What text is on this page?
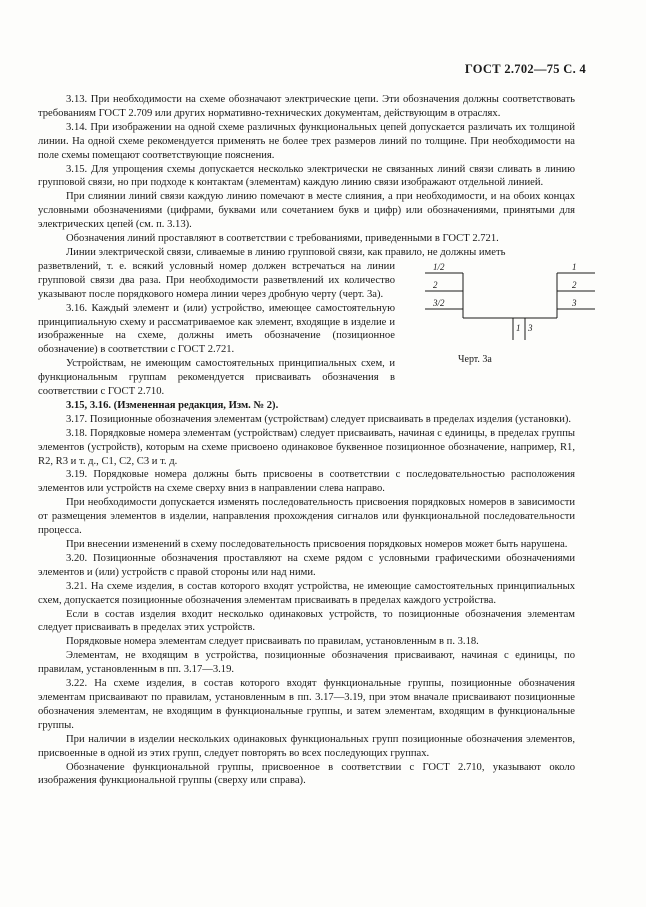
ГОСТ 2.702—75 С. 4

3.13. При необходимости на схеме обозначают электрические цепи. Эти обозначения должны соответствовать требованиям ГОСТ 2.709 или других нормативно-технических документам, действующим в отраслях.

3.14. При изображении на одной схеме различных функциональных цепей допускается различать их толщиной линии. На одной схеме рекомендуется применять не более трех размеров линий по толщине. При необходимости на поле схемы помещают соответствующие пояснения.

3.15. Для упрощения схемы допускается несколько электрически не связанных линий связи сливать в линию групповой связи, но при подходе к контактам (элементам) каждую линию связи изображают отдельной линией.

При слиянии линий связи каждую линию помечают в месте слияния, а при необходимости, и на обоих концах условными обозначениями (цифрами, буквами или сочетанием букв и цифр) или обозначениями, принятыми для электрических цепей (см. п. 3.13).

Обозначения линий проставляют в соответствии с требованиями, приведенными в ГОСТ 2.721.

Линии электрической связи, сливаемые в линию групповой связи, как правило, не должны иметь

разветвлений, т. е. всякий условный номер должен встречаться на линии групповой связи два раза. При необходимости разветвлений их количество указывают после порядкового номера линии через дробную черту (черт. 3а).

3.16. Каждый элемент и (или) устройство, имеющее самостоятельную принципиальную схему и рассматриваемое как элемент, входящие в изделие и изображенные на схеме, должны иметь обозначение (позиционное обозначение) в соответствии с ГОСТ 2.721.

Устройствам, не имеющим самостоятельных принципиальных схем, и функциональным группам рекомендуется присваивать обозначения в соответствии с ГОСТ 2.710.

1/2
2
3/2
1
2
3
1 3
Черт. 3а

3.15, 3.16. (Измененная редакция, Изм. № 2).

3.17. Позиционные обозначения элементам (устройствам) следует присваивать в пределах изделия (установки).

3.18. Порядковые номера элементам (устройствам) следует присваивать, начиная с единицы, в пределах группы элементов (устройств), которым на схеме присвоено одинаковое буквенное позиционное обозначение, например, R1, R2, R3 и т. д., C1, C2, C3 и т. д.

3.19. Порядковые номера должны быть присвоены в соответствии с последовательностью расположения элементов или устройств на схеме сверху вниз в направлении слева направо.

При необходимости допускается изменять последовательность присвоения порядковых номеров в зависимости от размещения элементов в изделии, направления прохождения сигналов или функциональной последовательности процесса.

При внесении изменений в схему последовательность присвоения порядковых номеров может быть нарушена.

3.20. Позиционные обозначения проставляют на схеме рядом с условными графическими обозначениями элементов и (или) устройств с правой стороны или над ними.

3.21. На схеме изделия, в состав которого входят устройства, не имеющие самостоятельных принципиальных схем, допускается позиционные обозначения элементам присваивать в пределах каждого устройства.

Если в состав изделия входит несколько одинаковых устройств, то позиционные обозначения элементам следует присваивать в пределах этих устройств.

Порядковые номера элементам следует присваивать по правилам, установленным в п. 3.18.

Элементам, не входящим в устройства, позиционные обозначения присваивают, начиная с единицы, по правилам, установленным в пп. 3.17—3.19.

3.22. На схеме изделия, в состав которого входят функциональные группы, позиционные обозначения элементам присваивают по правилам, установленным в пп. 3.17—3.19, при этом вначале присваивают позиционные обозначения элементам, не входящим в функциональные группы, и затем элементам, входящим в функциональные группы.

При наличии в изделии нескольких одинаковых функциональных групп позиционные обозначения элементов, присвоенные в одной из этих групп, следует повторять во всех последующих группах.

Обозначение функциональной группы, присвоенное в соответствии с ГОСТ 2.710, указывают около изображения функциональной группы (сверху или справа).
